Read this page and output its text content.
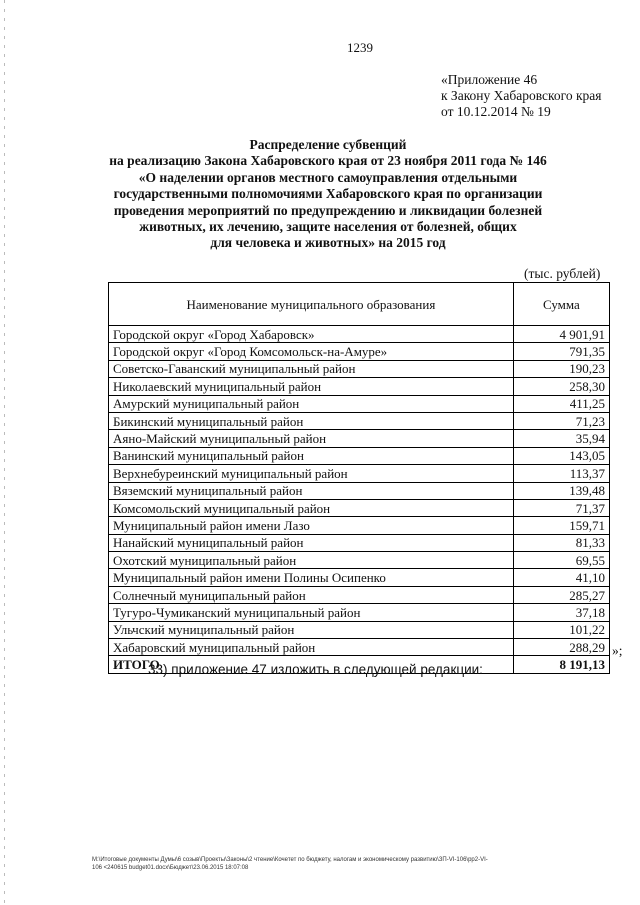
1239
«Приложение 46
к Закону Хабаровского края
от 10.12.2014 № 19
Распределение субвенций
на реализацию Закона Хабаровского края от 23 ноября 2011 года № 146
«О наделении органов местного самоуправления отдельными
государственными полномочиями Хабаровского края по организации
проведения мероприятий по предупреждению и ликвидации болезней
животных, их лечению, защите населения от болезней, общих
для человека и животных» на 2015 год
(тыс. рублей)
Наименование муниципального образования	Сумма
Городской округ «Город Хабаровск»	4 901,91
Городской округ «Город Комсомольск-на-Амуре»	791,35
Советско-Гаванский муниципальный район	190,23
Николаевский муниципальный район	258,30
Амурский муниципальный район	411,25
Бикинский муниципальный район	71,23
Аяно-Майский муниципальный район	35,94
Ванинский муниципальный район	143,05
Верхнебуреинский муниципальный район	113,37
Вяземский муниципальный район	139,48
Комсомольский муниципальный район	71,37
Муниципальный район имени Лазо	159,71
Нанайский муниципальный район	81,33
Охотский муниципальный район	69,55
Муниципальный район имени Полины Осипенко	41,10
Солнечный муниципальный район	285,27
Тугуро-Чумиканский муниципальный район	37,18
Ульчский муниципальный район	101,22
Хабаровский муниципальный район	288,29
ИТОГО	8 191,13
»;
33) приложение 47 изложить в следующей редакции:
M:\Итоговые документы Думы\6 созыв\Проекты\Законы\2 чтение\Кочетет по бюджету, налогам и экономическому развитию\ЗП-VI-106\pp2-VI-
106 <240615 budget01.docx\Бюджет\23.06.2015 18:07:08
